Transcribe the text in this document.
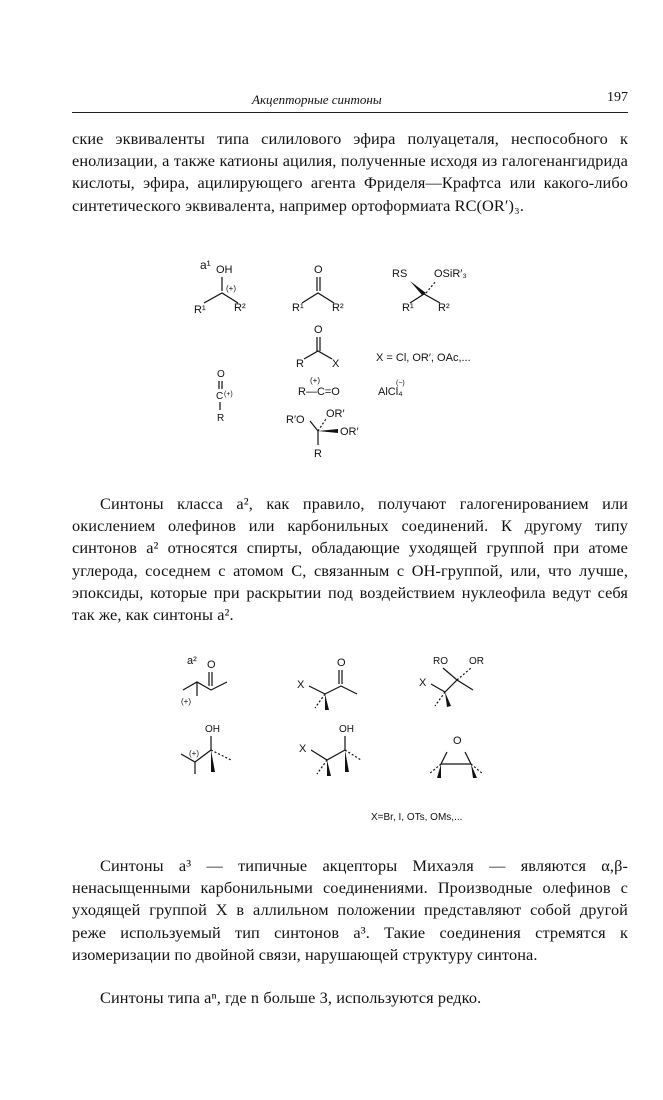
Акцепторные синтоны	197

ские эквиваленты типа силилового эфира полуацеталя, неспособного к енолизации, а также катионы ацилия, полученные исходя из галогенангидрида кислоты, эфира, ацилирующего агента Фриделя—Крафтса или какого-либо синтетического эквивалента, например ортоформиата RC(OR′)₃.

a¹ OH
(+)
R¹	R²
O
R¹	R²
RS OSiR′₃
R¹ R²
O
R	X	X = Cl, OR′, OAc,...
O
C (+)
R
(+)
R—C=O	AlCl₄
(−)
OR′
R′O
OR′
R

Синтоны класса a², как правило, получают галогенированием или окислением олефинов или карбонильных соединений. К другому типу синтонов a² относятся спирты, обладающие уходящей группой при атоме углерода, соседнем с атомом C, связанным с OH-группой, или, что лучше, эпоксиды, которые при раскрытии под воздействием нуклеофила ведут себя так же, как синтоны a².

a² O
(+)
O
X
RO OR
X
OH
(+)
OH
X
O
X=Br, I, OTs, OMs,...

Синтоны a³ — типичные акцепторы Михаэля — являются α,β-ненасыщенными карбонильными соединениями. Производные олефинов с уходящей группой X в аллильном положении представляют собой другой реже используемый тип синтонов a³. Такие соединения стремятся к изомеризации по двойной связи, нарушающей структуру синтона.

Синтоны типа aⁿ, где n больше 3, используются редко.
